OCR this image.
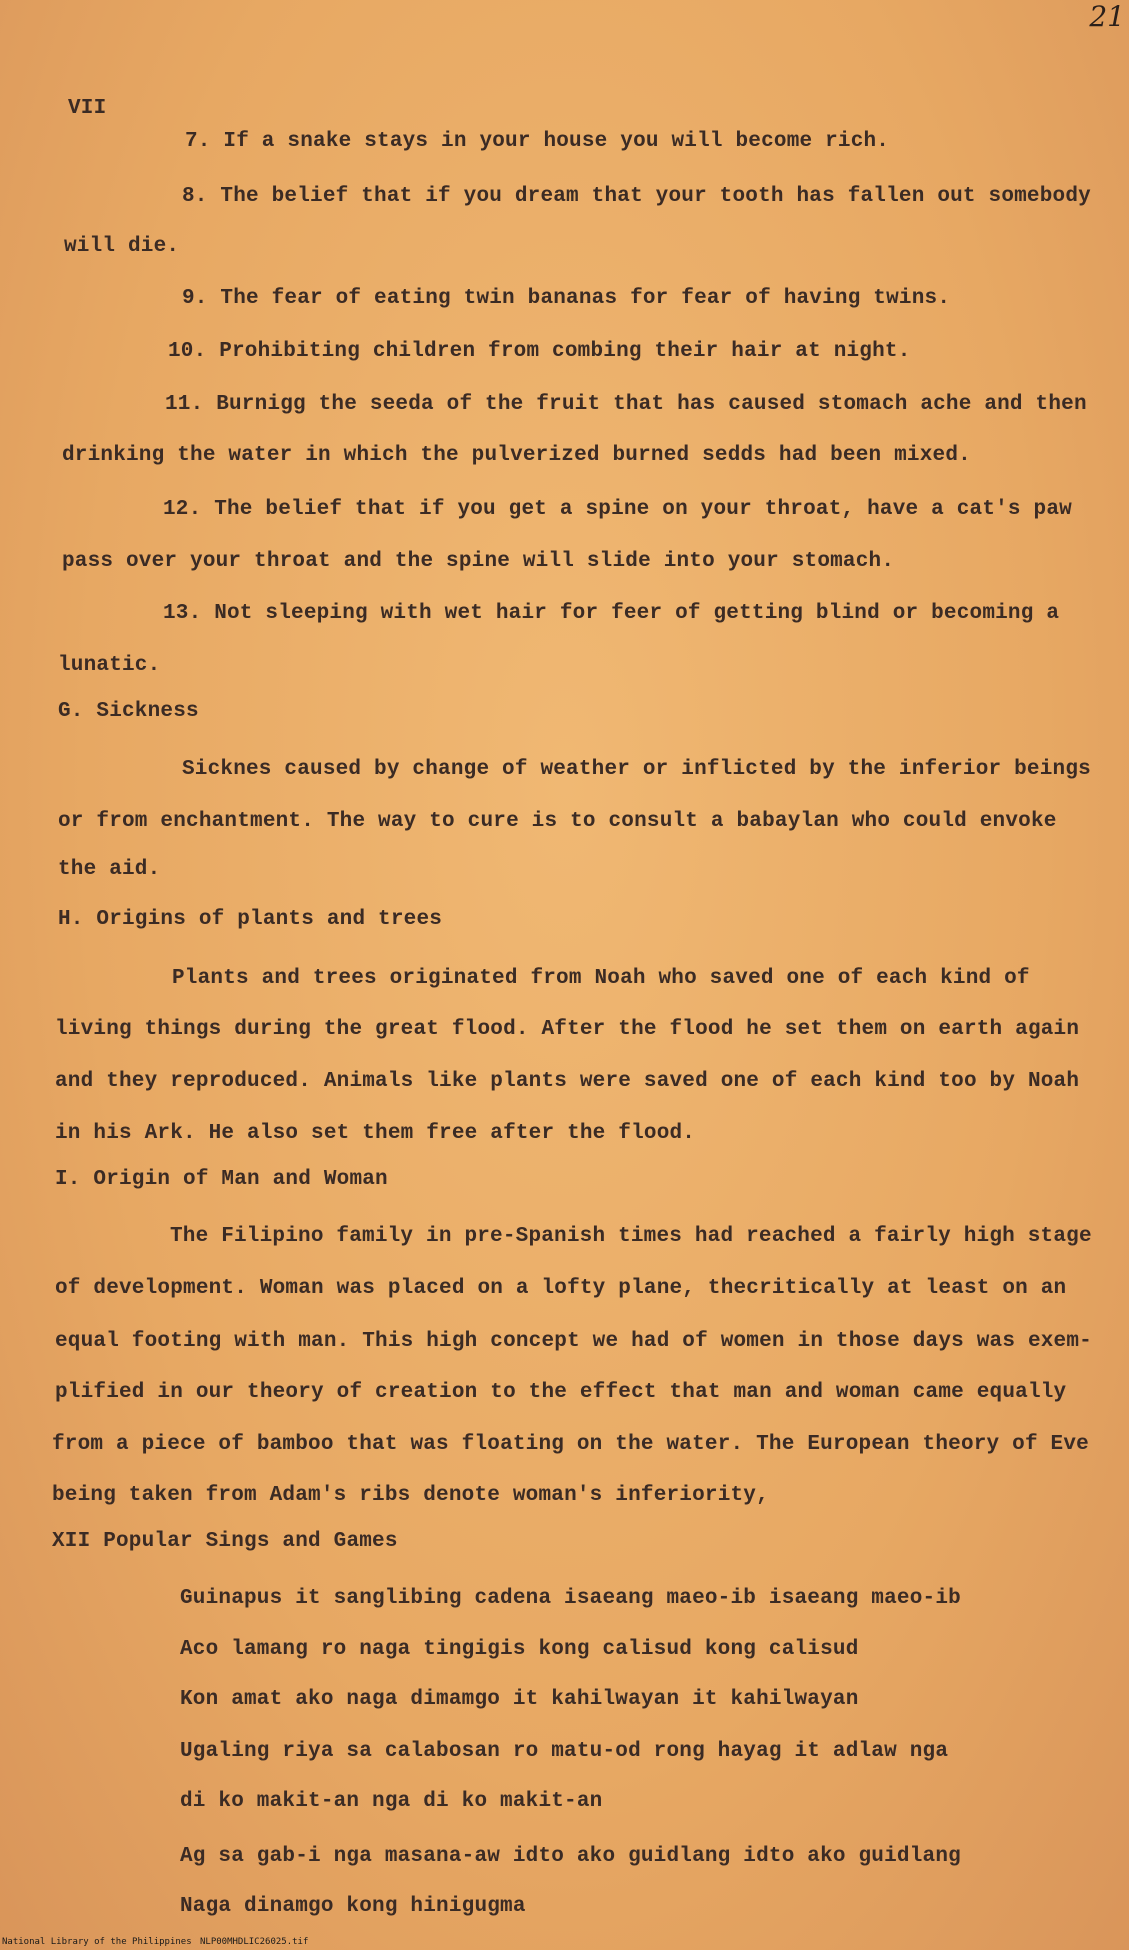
21
VII
7. If a snake stays in your house you will become rich.
8. The belief that if you dream that your tooth has fallen out somebody
will die.
9. The fear of eating twin bananas for fear of having twins.
10. Prohibiting children from combing their hair at night.
11. Burnigg the seeda of the fruit that has caused stomach ache and then
drinking the water in which the pulverized burned sedds had been mixed.
12. The belief that if you get a spine on your throat, have a cat's paw
pass over your throat and the spine will slide into your stomach.
13. Not sleeping with wet hair for feer of getting blind or becoming a
lunatic.
G. Sickness
Sicknes caused by change of weather or inflicted by the inferior beings
or from enchantment. The way to cure is to consult a babaylan who could envoke
the aid.
H. Origins of plants and trees
Plants and trees originated from Noah who saved one of each kind of
living things during the great flood. After the flood he set them on earth again
and they reproduced. Animals like plants were saved one of each kind too by Noah
in his Ark. He also set them free after the flood.
I. Origin of Man and Woman
The Filipino family in pre-Spanish times had reached a fairly high stage
of development. Woman was placed on a lofty plane, thecritically at least on an
equal footing with man. This high concept we had of women in those days was exem-
plified in our theory of creation to the effect that man and woman came equally
from a piece of bamboo that was floating on the water. The European theory of Eve
being taken from Adam's ribs denote woman's inferiority,
XII Popular Sings and Games
Guinapus it sanglibing cadena isaeang maeo-ib isaeang maeo-ib
Aco lamang ro naga tingigis kong calisud kong calisud
Kon amat ako naga dimamgo it kahilwayan it kahilwayan
Ugaling riya sa calabosan ro matu-od rong hayag it adlaw nga
di ko makit-an nga di ko makit-an
Ag sa gab-i nga masana-aw idto ako guidlang idto ako guidlang
Naga dinamgo kong hinigugma
National Library of the Philippines NLP00MHDLIC26025.tif
